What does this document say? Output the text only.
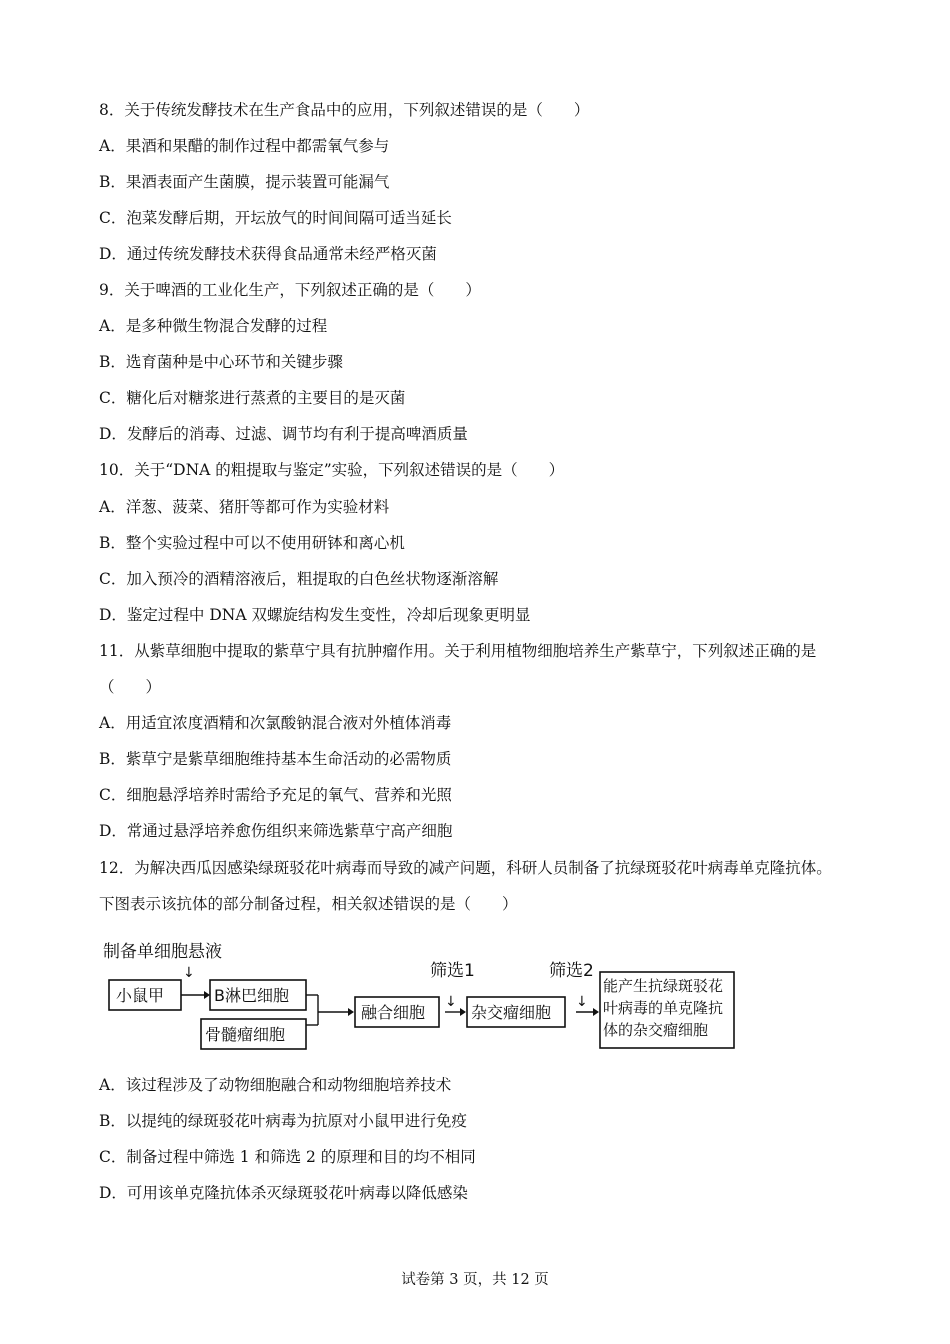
8．关于传统发酵技术在生产食品中的应用，下列叙述错误的是（　　）
A．果酒和果醋的制作过程中都需氧气参与
B．果酒表面产生菌膜，提示装置可能漏气
C．泡菜发酵后期，开坛放气的时间间隔可适当延长
D．通过传统发酵技术获得食品通常未经严格灭菌
9．关于啤酒的工业化生产，下列叙述正确的是（　　）
A．是多种微生物混合发酵的过程
B．选育菌种是中心环节和关键步骤
C．糖化后对糖浆进行蒸煮的主要目的是灭菌
D．发酵后的消毒、过滤、调节均有利于提高啤酒质量
10．关于“DNA 的粗提取与鉴定”实验，下列叙述错误的是（　　）
A．洋葱、菠菜、猪肝等都可作为实验材料
B．整个实验过程中可以不使用研钵和离心机
C．加入预冷的酒精溶液后，粗提取的白色丝状物逐渐溶解
D．鉴定过程中 DNA 双螺旋结构发生变性，冷却后现象更明显
11．从紫草细胞中提取的紫草宁具有抗肿瘤作用。关于利用植物细胞培养生产紫草宁，下列叙述正确的是
（　　）
A．用适宜浓度酒精和次氯酸钠混合液对外植体消毒
B．紫草宁是紫草细胞维持基本生命活动的必需物质
C．细胞悬浮培养时需给予充足的氧气、营养和光照
D．常通过悬浮培养愈伤组织来筛选紫草宁高产细胞
12．为解决西瓜因感染绿斑驳花叶病毒而导致的减产问题，科研人员制备了抗绿斑驳花叶病毒单克隆抗体。
下图表示该抗体的部分制备过程，相关叙述错误的是（　　）
制备单细胞悬液
↓
小鼠甲	B淋巴细胞
骨髓瘤细胞
融合细胞
筛选1
↓
杂交瘤细胞
筛选2
↓
能产生抗绿斑驳花
叶病毒的单克隆抗
体的杂交瘤细胞
A．该过程涉及了动物细胞融合和动物细胞培养技术
B．以提纯的绿斑驳花叶病毒为抗原对小鼠甲进行免疫
C．制备过程中筛选 1 和筛选 2 的原理和目的均不相同
D．可用该单克隆抗体杀灭绿斑驳花叶病毒以降低感染
试卷第 3 页，共 12 页
